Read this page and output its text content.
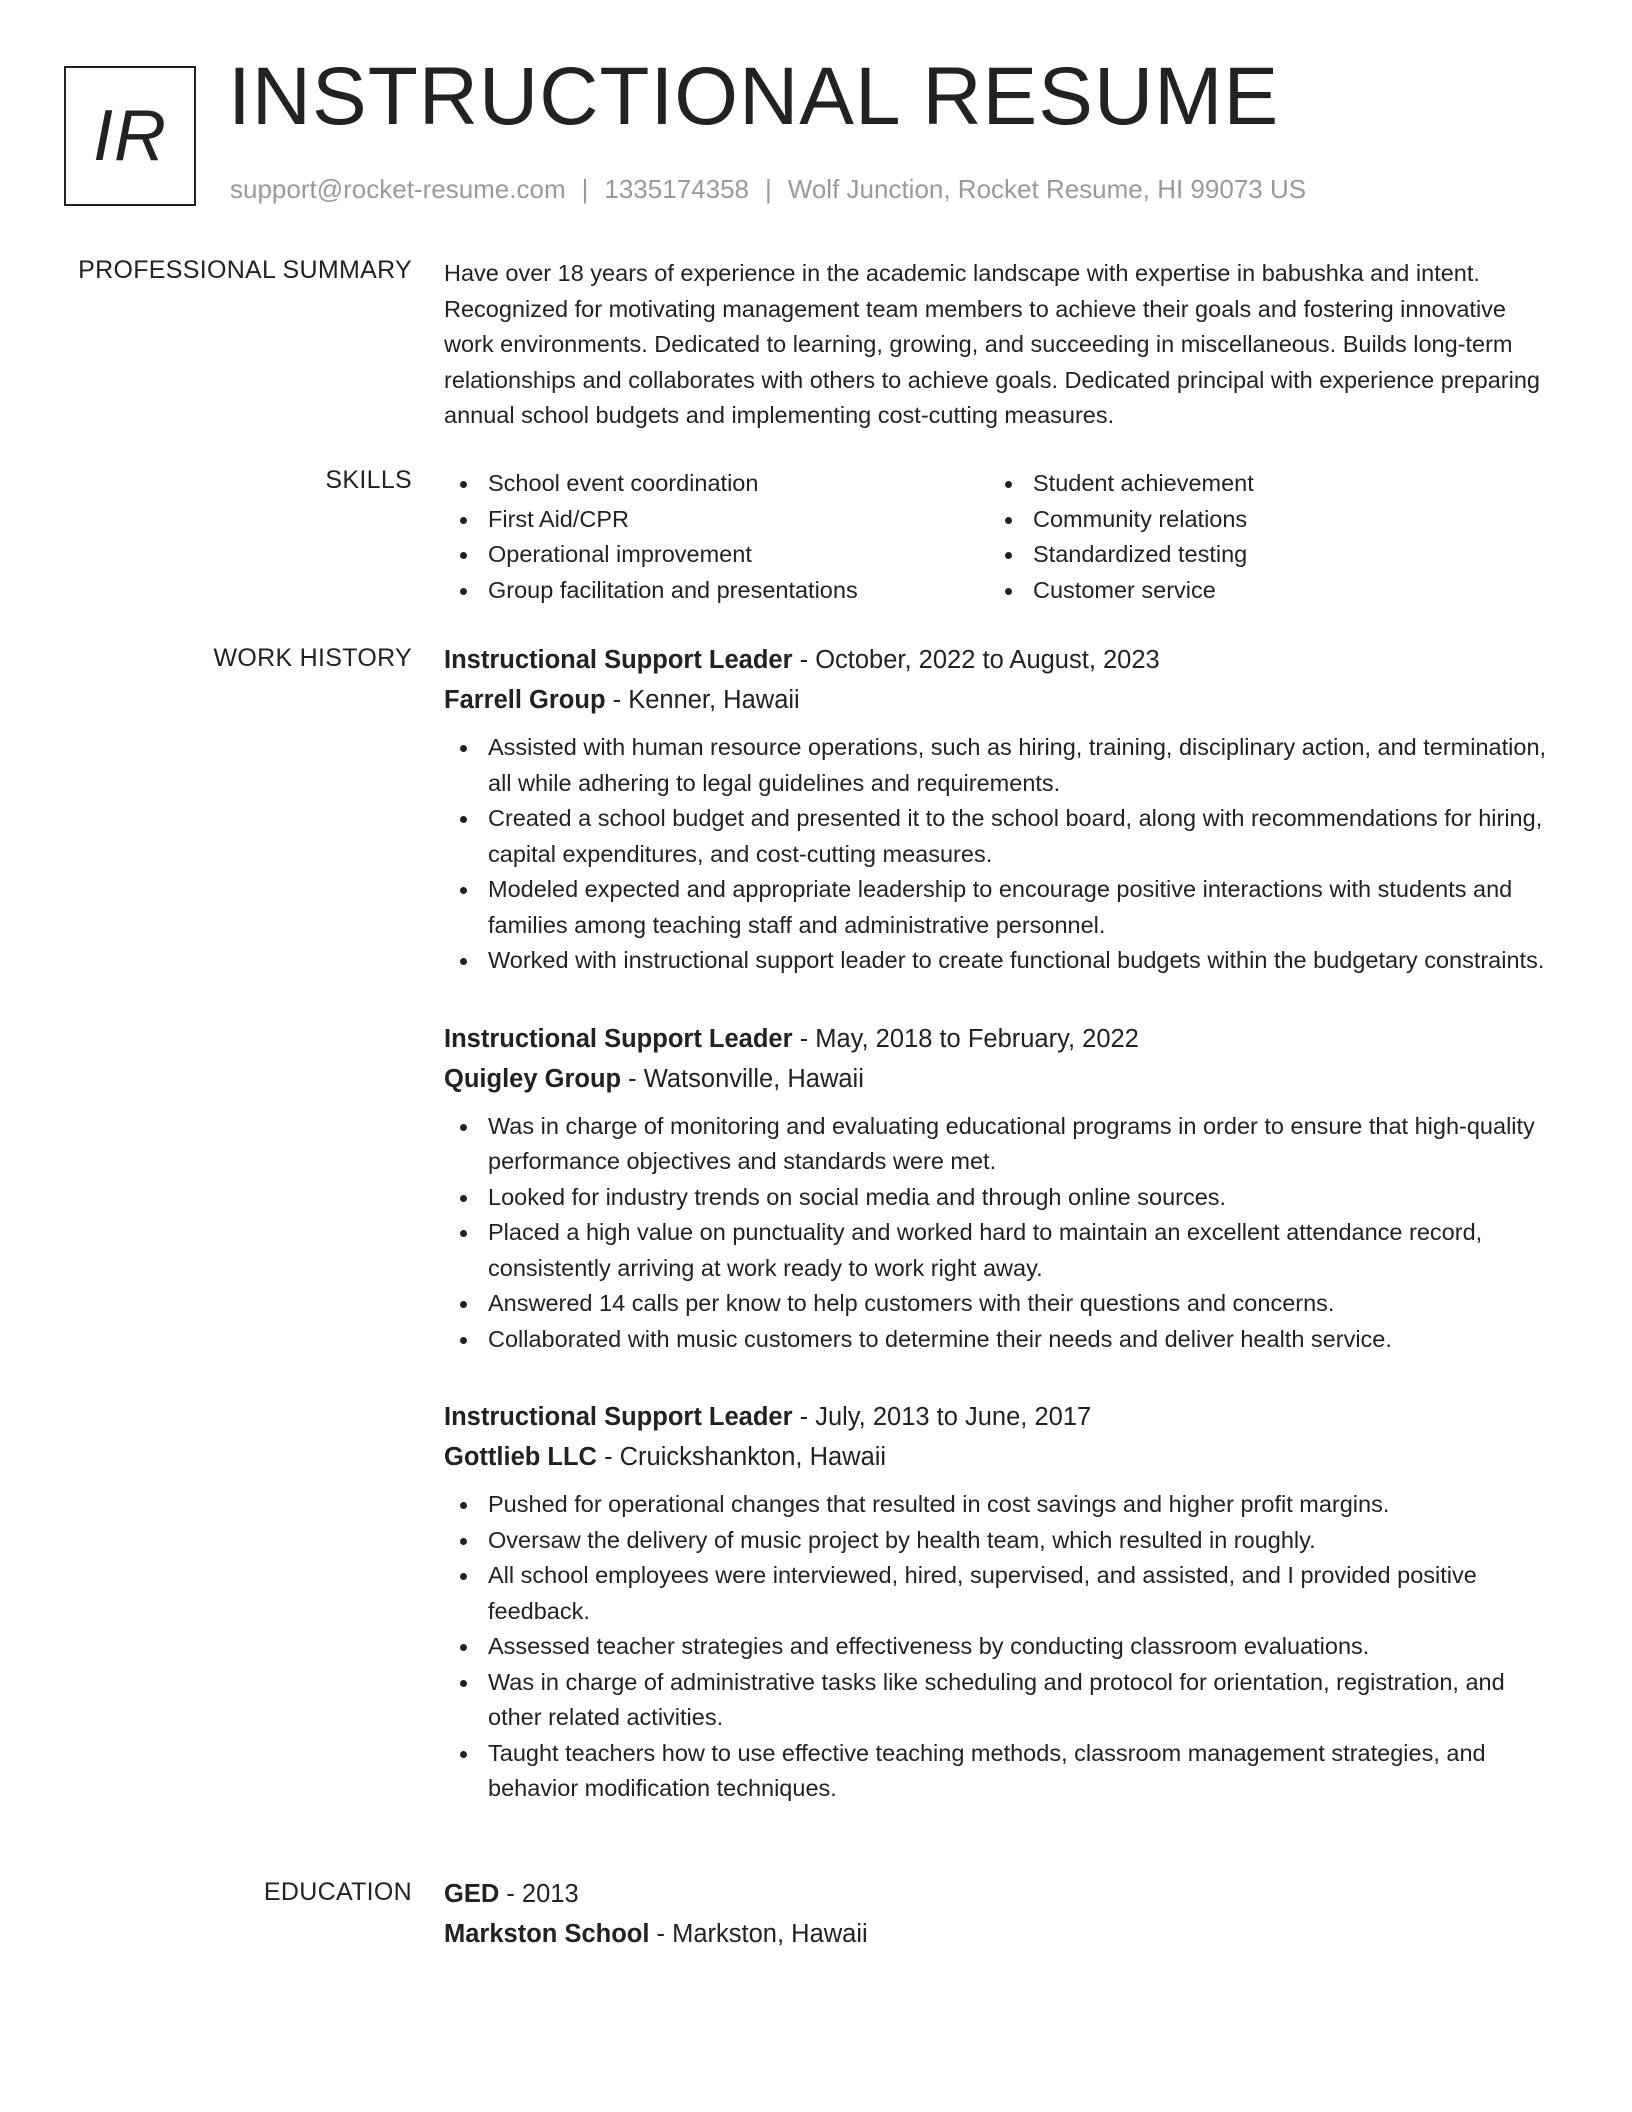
IR INSTRUCTIONAL RESUME
support@rocket-resume.com | 1335174358 | Wolf Junction, Rocket Resume, HI 99073 US
PROFESSIONAL SUMMARY Have over 18 years of experience in the academic landscape with expertise in babushka and intent. Recognized for motivating management team members to achieve their goals and fostering innovative work environments. Dedicated to learning, growing, and succeeding in miscellaneous. Builds long-term relationships and collaborates with others to achieve goals. Dedicated principal with experience preparing annual school budgets and implementing cost-cutting measures.

SKILLS	School event coordination
First Aid/CPR
Operational improvement
Group facilitation and presentations
Student achievement
Community relations
Standardized testing
Customer service
WORK HISTORY Instructional Support Leader - October, 2022 to August, 2023
Farrell Group - Kenner, Hawaii
Assisted with human resource operations, such as hiring, training, disciplinary action, and termination, all while adhering to legal guidelines and requirements.
Created a school budget and presented it to the school board, along with recommendations for hiring, capital expenditures, and cost-cutting measures.
Modeled expected and appropriate leadership to encourage positive interactions with students and families among teaching staff and administrative personnel.
Worked with instructional support leader to create functional budgets within the budgetary constraints.
Instructional Support Leader - May, 2018 to February, 2022
Quigley Group - Watsonville, Hawaii
Was in charge of monitoring and evaluating educational programs in order to ensure that high-quality performance objectives and standards were met.
Looked for industry trends on social media and through online sources.
Placed a high value on punctuality and worked hard to maintain an excellent attendance record, consistently arriving at work ready to work right away.
Answered 14 calls per know to help customers with their questions and concerns.
Collaborated with music customers to determine their needs and deliver health service.
Instructional Support Leader - July, 2013 to June, 2017
Gottlieb LLC - Cruickshankton, Hawaii
Pushed for operational changes that resulted in cost savings and higher profit margins.
Oversaw the delivery of music project by health team, which resulted in roughly.
All school employees were interviewed, hired, supervised, and assisted, and I provided positive feedback.
Assessed teacher strategies and effectiveness by conducting classroom evaluations.
Was in charge of administrative tasks like scheduling and protocol for orientation, registration, and other related activities.
Taught teachers how to use effective teaching methods, classroom management strategies, and behavior modification techniques.
EDUCATION GED - 2013
Markston School - Markston, Hawaii
